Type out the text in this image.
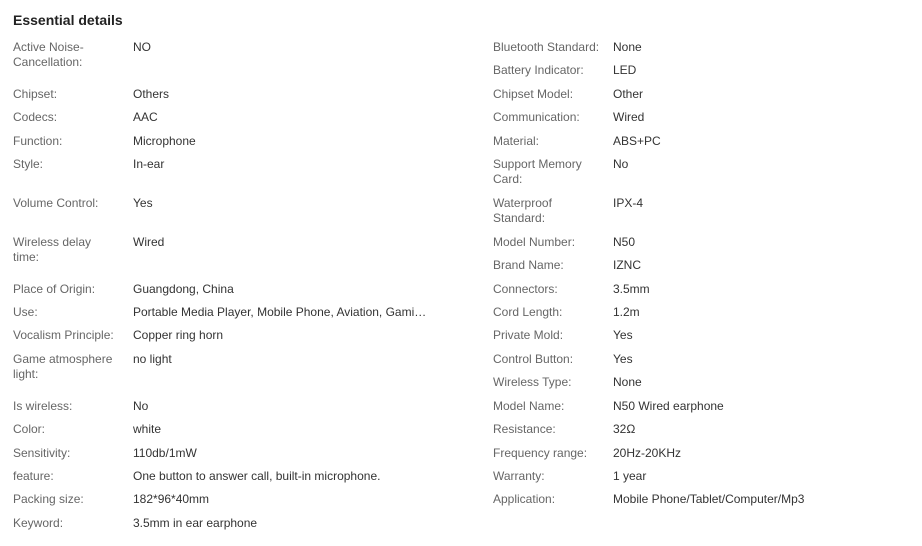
Essential details
Active Noise-Cancellation:
NO
Chipset:	Others
Codecs:	AAC
Function:	Microphone
Style:	In-ear
Volume Control:	Yes
Wireless delay time:
Wired
Place of Origin:	Guangdong, China
Use:	Portable Media Player, Mobile Phone, Aviation, Gami…
Vocalism Principle:	Copper ring horn
Game atmosphere light:
no light
Is wireless:	No
Color:	white
Sensitivity:	110db/1mW
feature:	One button to answer call, built-in microphone.
Packing size:	182*96*40mm
Keyword:	3.5mm in ear earphone
Bluetooth Standard:	None
Battery Indicator:	LED
Chipset Model:	Other
Communication:	Wired
Material:	ABS+PC
Support Memory Card:
No
Waterproof Standard:
IPX-4
Model Number:	N50
Brand Name:	IZNC
Connectors:	3.5mm
Cord Length:	1.2m
Private Mold:	Yes
Control Button:	Yes
Wireless Type:	None
Model Name:	N50 Wired earphone
Resistance:	32Ω
Frequency range:	20Hz-20KHz
Warranty:	1 year
Application:	Mobile Phone/Tablet/Computer/Mp3
